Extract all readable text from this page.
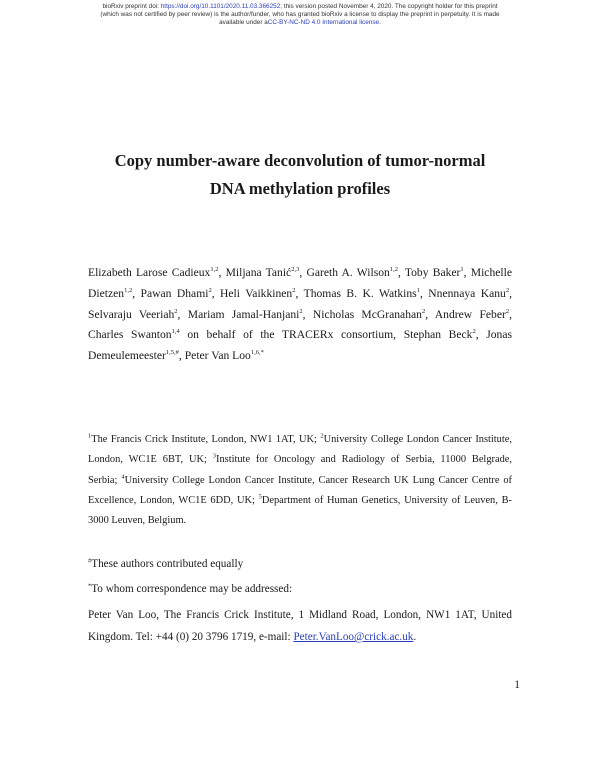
bioRxiv preprint doi: https://doi.org/10.1101/2020.11.03.366252; this version posted November 4, 2020. The copyright holder for this preprint
(which was not certified by peer review) is the author/funder, who has granted bioRxiv a license to display the preprint in perpetuity. It is made
available under aCC-BY-NC-ND 4.0 International license.
Copy number-aware deconvolution of tumor-normal
DNA methylation profiles
Elizabeth Larose Cadieux$^{1,2}$, Miljana Tanić$^{2,3}$, Gareth A. Wilson$^{1,2}$, Toby Baker$^1$, Michelle
Dietzen$^{1,2}$, Pawan Dhami$^2$, Heli Vaikkinen$^2$, Thomas B. K. Watkins$^1$, Nnennaya Kanu$^2$,
Selvaraju Veeriah$^2$, Mariam Jamal-Hanjani$^2$, Nicholas McGranahan$^2$, Andrew Feber$^2$,
Charles Swanton$^{1,4}$ on behalf of the TRACERx consortium, Stephan Beck$^2$, Jonas
Demeulemeester$^{1,5,\#}$, Peter Van Loo$^{1,6,*}$
$^1$The Francis Crick Institute, London, NW1 1AT, UK; $^2$University College London Cancer Institute,
London, WC1E 6BT, UK; $^3$Institute for Oncology and Radiology of Serbia, 11000 Belgrade,
Serbia; $^4$University College London Cancer Institute, Cancer Research UK Lung Cancer Centre of
Excellence, London, WC1E 6DD, UK; $^5$Department of Human Genetics, University of Leuven, B-
3000 Leuven, Belgium.
#These authors contributed equally
*To whom correspondence may be addressed:
Peter Van Loo, The Francis Crick Institute, 1 Midland Road, London, NW1 1AT, United
Kingdom. Tel: +44 (0) 20 3796 1719, e-mail: Peter.VanLoo@crick.ac.uk.
1
